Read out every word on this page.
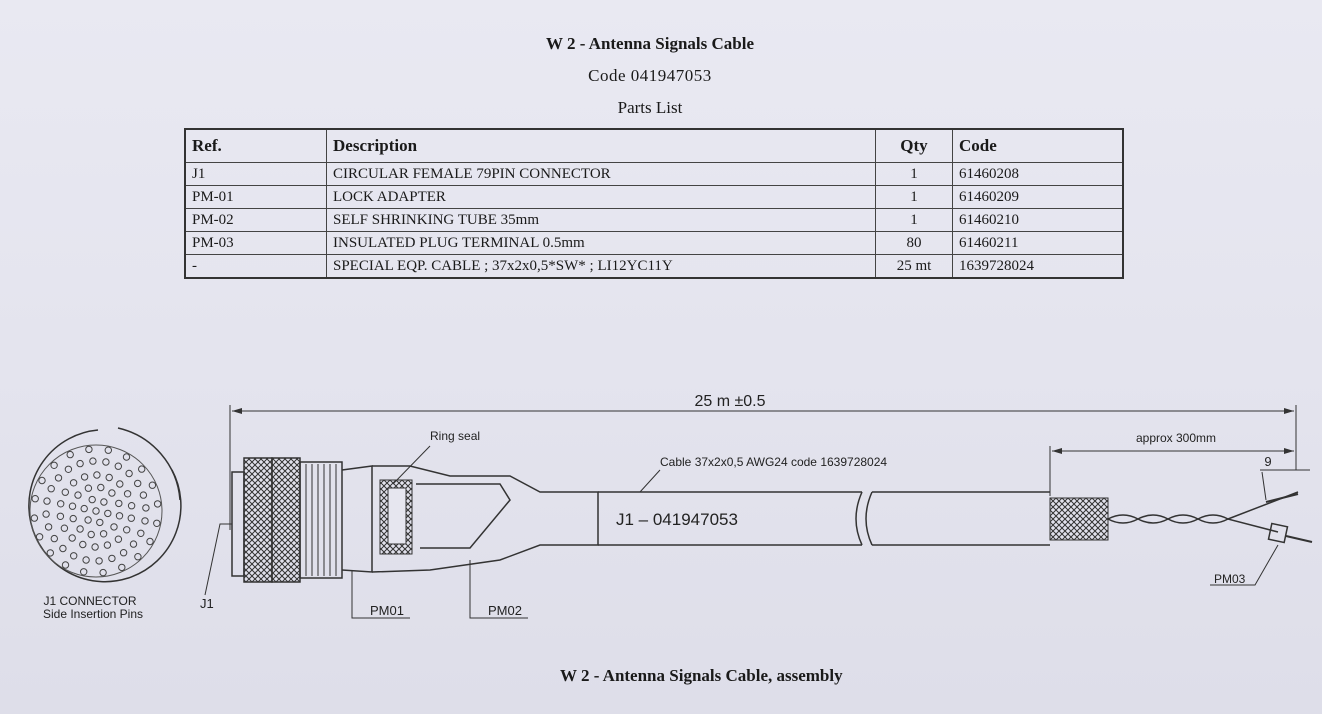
W 2 - Antenna Signals Cable
Code 041947053
Parts List
Ref.	Description	Qty	Code
J1	CIRCULAR FEMALE 79PIN CONNECTOR	1	61460208
PM-01	LOCK ADAPTER	1	61460209
PM-02	SELF SHRINKING TUBE 35mm	1	61460210
PM-03	INSULATED PLUG TERMINAL 0.5mm	80	61460211
-	SPECIAL EQP. CABLE ; 37x2x0,5*SW* ; LI12YC11Y	25 mt	1639728024
J1 CONNECTOR
Side Insertion Pins
25 m ±0.5
Ring seal
J1 – 041947053
Cable 37x2x0,5 AWG24 code 1639728024
approx 300mm
9
J1	PM01	PM02
PM03
W 2 - Antenna Signals Cable, assembly
